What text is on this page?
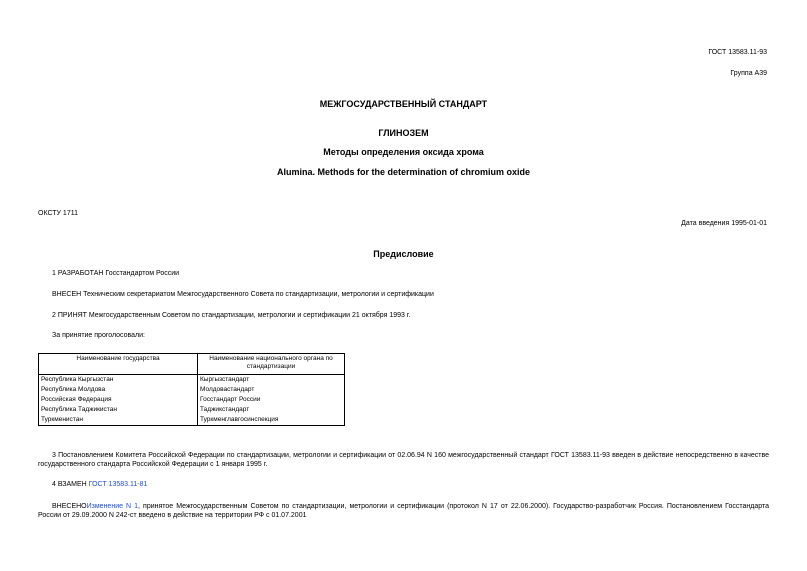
ГОСТ 13583.11-93
Группа А39
МЕЖГОСУДАРСТВЕННЫЙ СТАНДАРТ
ГЛИНОЗЕМ
Методы определения оксида хрома
Alumina. Methods for the determination of chromium oxide
ОКСТУ 1711
Дата введения 1995-01-01
Предисловие
1 РАЗРАБОТАН Госстандартом России
ВНЕСЕН Техническим секретариатом Межгосударственного Совета по стандартизации, метрологии и сертификации
2 ПРИНЯТ Межгосударственным Советом по стандартизации, метрологии и сертификации 21 октября 1993 г.
За принятие проголосовали:
Наименование государства	Наименование национального органа по стандартизации
Республика Кыргызстан	Кыргызстандарт
Республика Молдова	Молдовастандарт
Российская Федерация	Госстандарт России
Республика Таджикистан	Таджикстандарт
Туркменистан	Туркменглавгосинспекция
3 Постановлением Комитета Российской Федерации по стандартизации, метрологии и сертификации от 02.06.94 N 160 межгосударственный стандарт ГОСТ 13583.11-93 введен в действие непосредственно в качестве государственного стандарта Российской Федерации с 1 января 1995 г.
4 ВЗАМЕН ГОСТ 13583.11-81
ВНЕСЕНОИзменение N 1, принятое Межгосударственным Советом по стандартизации, метрологии и сертификации (протокол N 17 от 22.06.2000). Государство-разработчик Россия. Постановлением Госстандарта России от 29.09.2000 N 242-ст введено в действие на территории РФ с 01.07.2001
